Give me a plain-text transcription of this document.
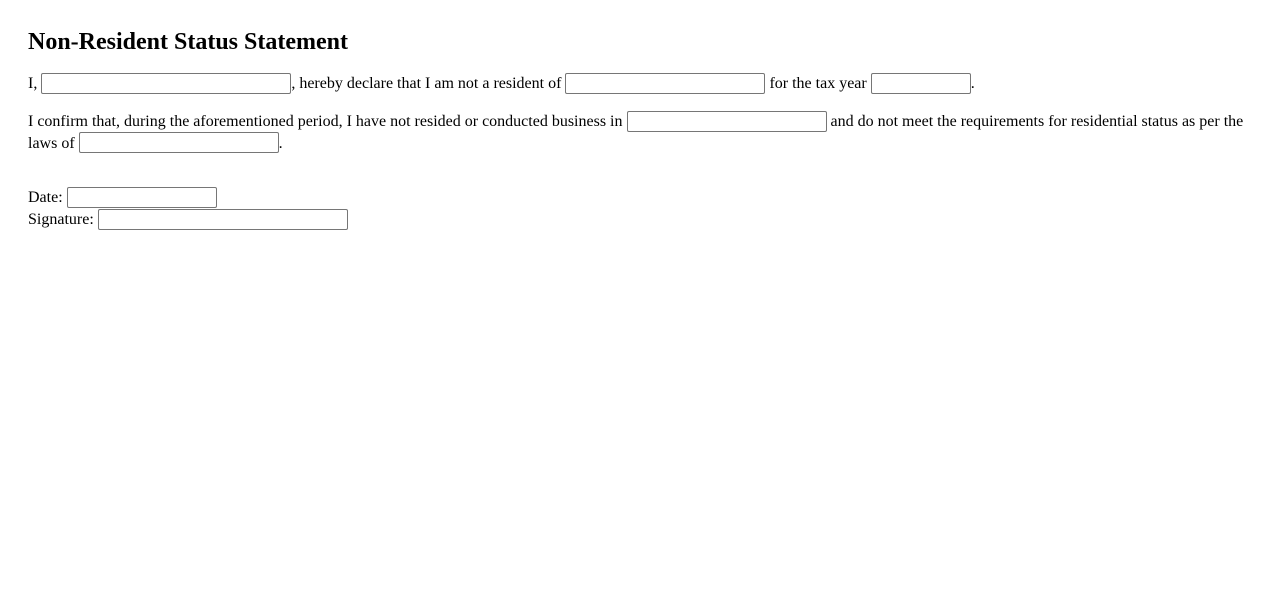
Non-Resident Status Statement

I,	, hereby declare that I am not a resident of	for the tax year	.

I confirm that, during the aforementioned period, I have not resided or conducted business in	and do not meet the requirements for residential status as per the laws of	.

Date:
Signature:
